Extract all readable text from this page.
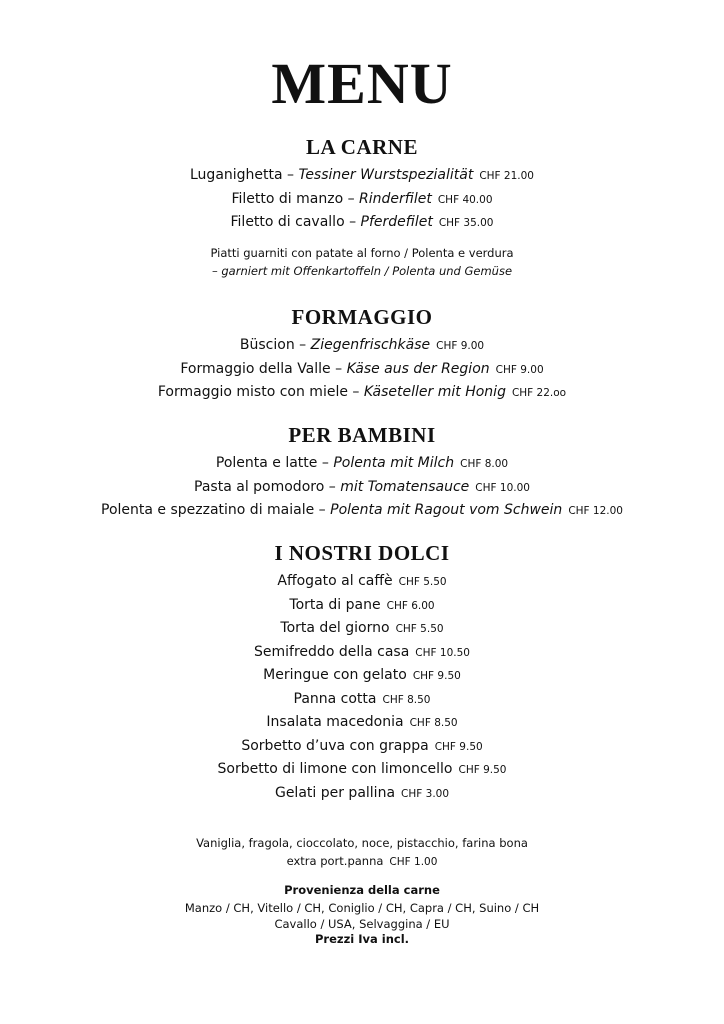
MENU
LA CARNE
Luganighetta – Tessiner Wurstspezialität CHF 21.00
Filetto di manzo – Rinderfilet CHF 40.00
Filetto di cavallo – Pferdefilet CHF 35.00
Piatti guarniti con patate al forno / Polenta e verdura
– garniert mit Offenkartoffeln / Polenta und Gemüse
FORMAGGIO
Büscion – Ziegenfrischkäse CHF 9.00
Formaggio della Valle – Käse aus der Region CHF 9.00
Formaggio misto con miele – Käseteller mit Honig CHF 22.oo
PER BAMBINI
Polenta e latte – Polenta mit Milch CHF 8.00
Pasta al pomodoro – mit Tomatensauce CHF 10.00
Polenta e spezzatino di maiale – Polenta mit Ragout vom Schwein CHF 12.00
I NOSTRI DOLCI
Affogato al caffè CHF 5.50
Torta di pane CHF 6.00
Torta del giorno CHF 5.50
Semifreddo della casa CHF 10.50
Meringue con gelato CHF 9.50
Panna cotta CHF 8.50
Insalata macedonia CHF 8.50
Sorbetto d’uva con grappa CHF 9.50
Sorbetto di limone con limoncello CHF 9.50
Gelati per pallina CHF 3.00
Vaniglia, fragola, cioccolato, noce, pistacchio, farina bona
extra port.panna CHF 1.00
Provenienza della carne
Manzo / CH, Vitello / CH, Coniglio / CH, Capra / CH, Suino / CH
Cavallo / USA, Selvaggina / EU
Prezzi Iva incl.
